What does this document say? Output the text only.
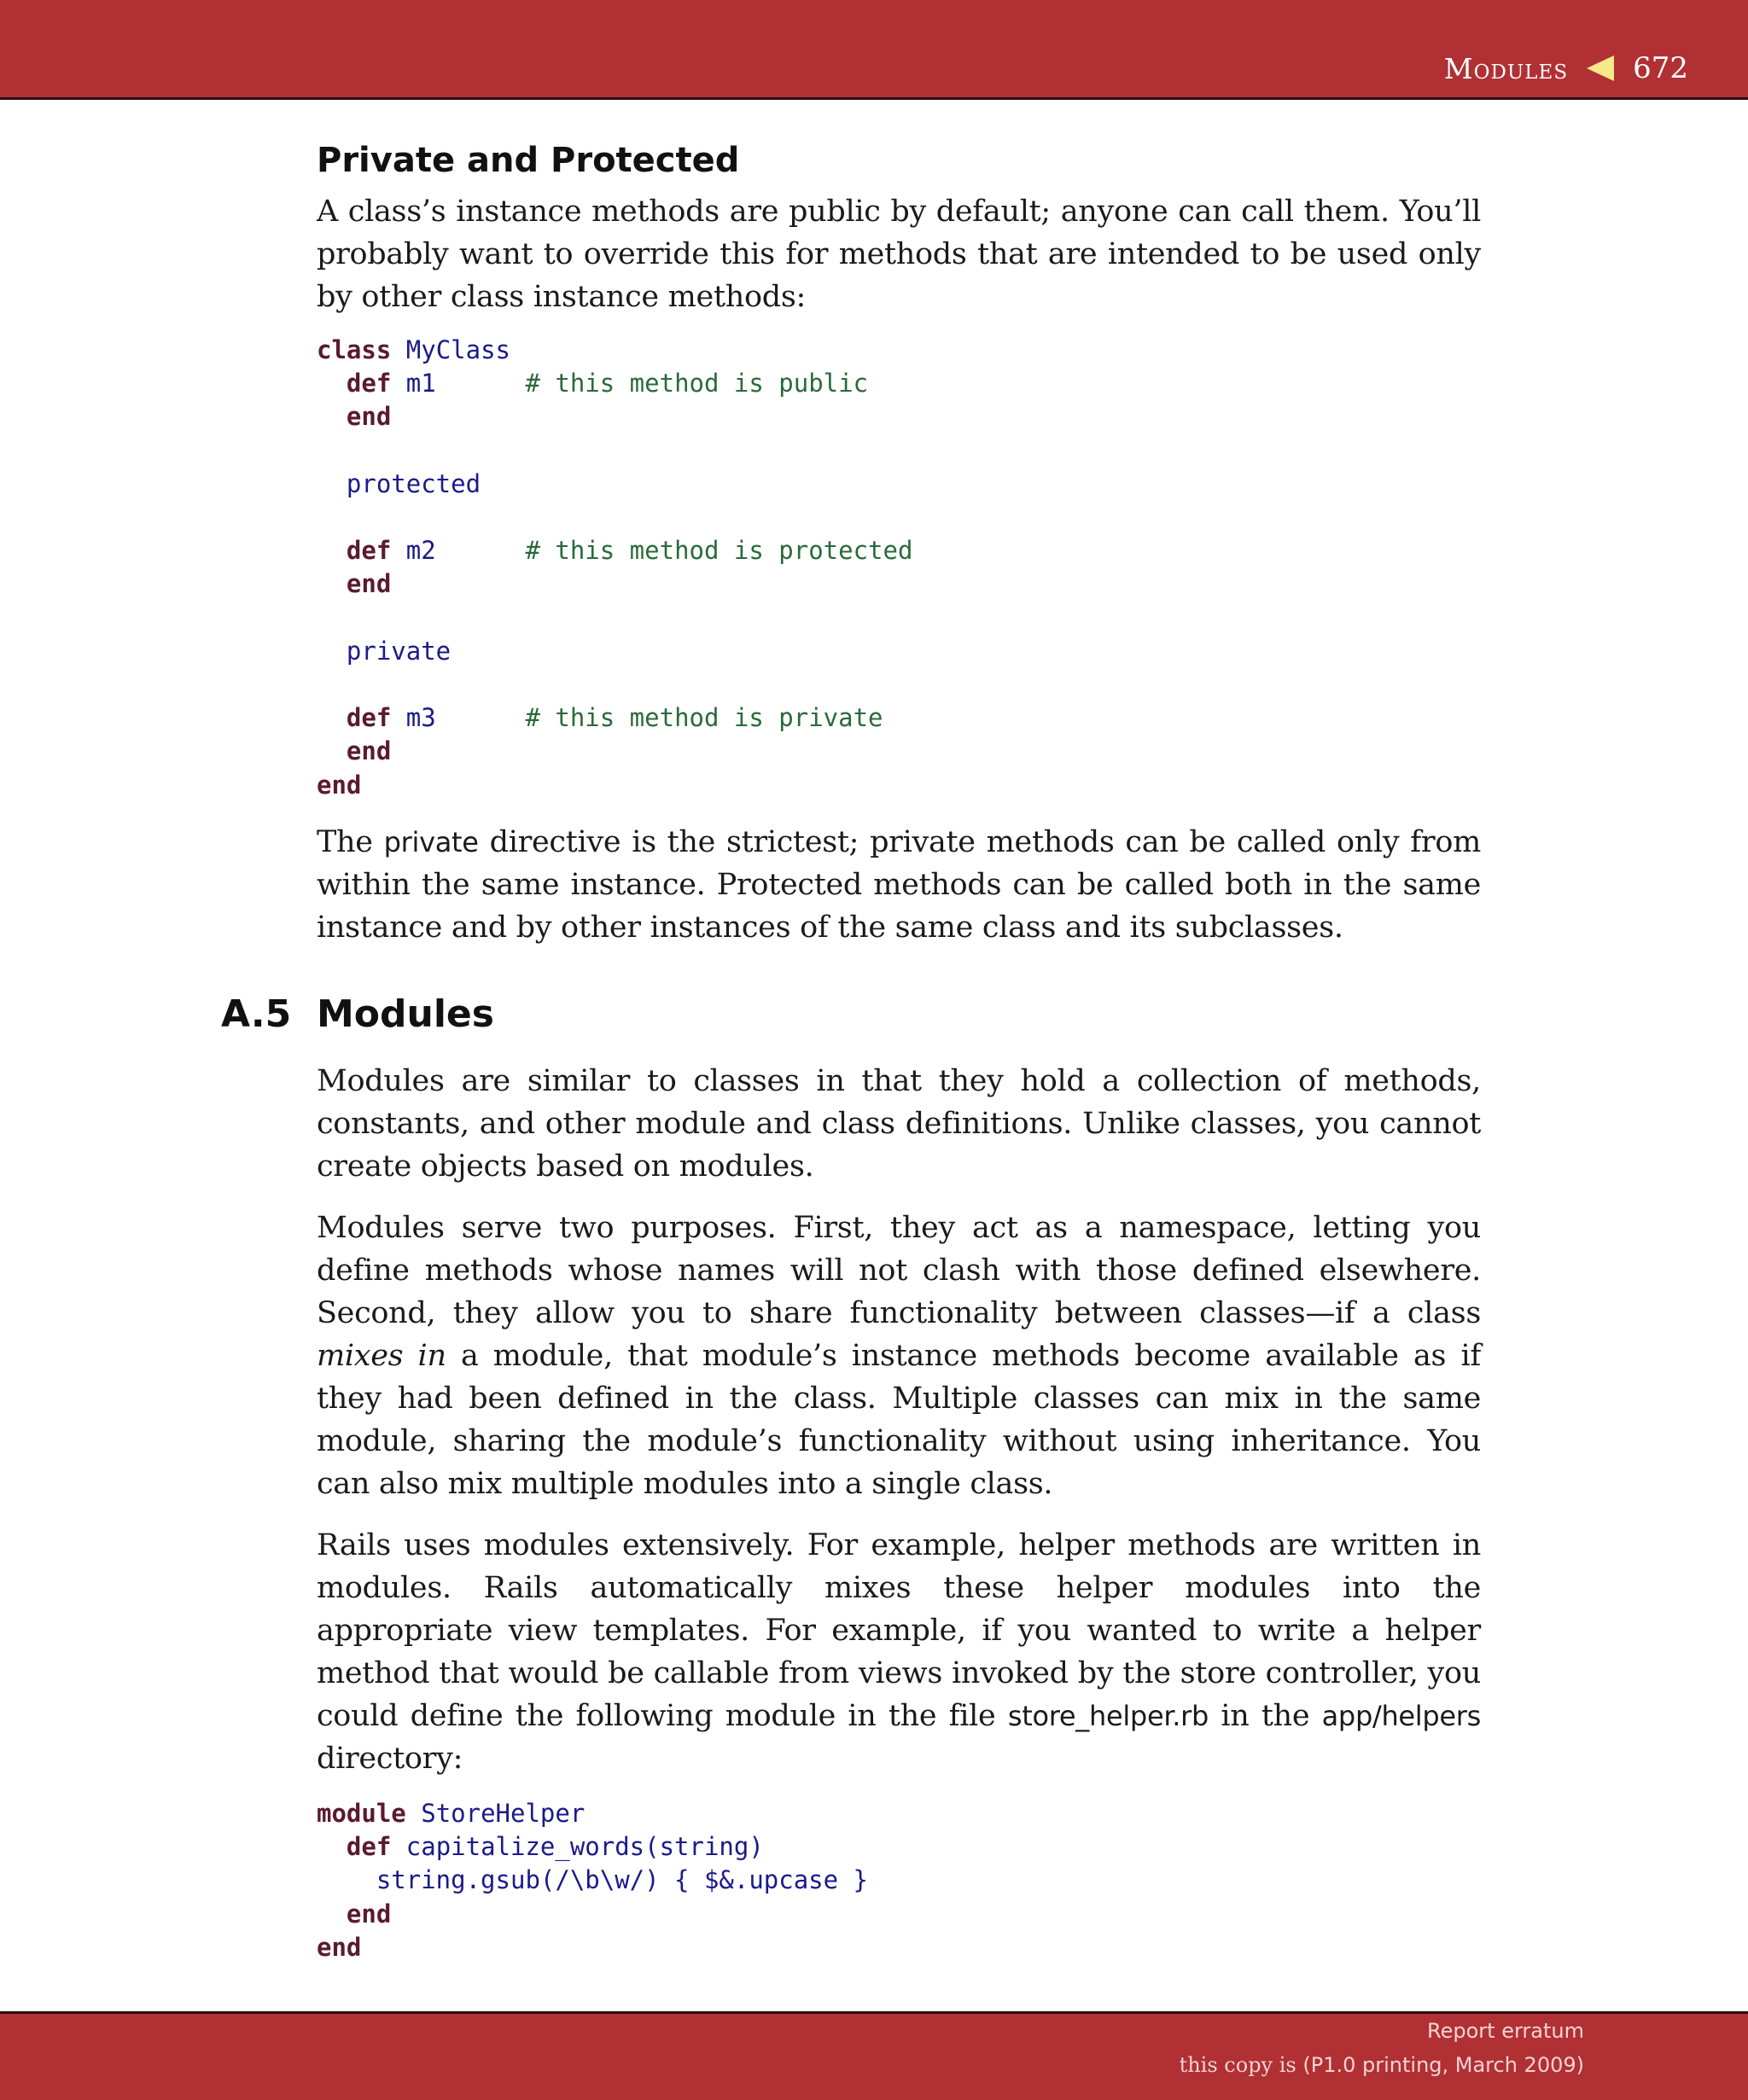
Modules 672
Private and Protected

A class’s instance methods are public by default; anyone can call them. You’ll probably want to override this for methods that are intended to be used only by other class instance methods:

class MyClass
def m1	# this method is public
end

protected

def m2	# this method is protected
end

private

def m3	# this method is private
end
end

The private directive is the strictest; private methods can be called only from within the same instance. Protected methods can be called both in the same instance and by other instances of the same class and its subclasses.

A.5 Modules

Modules are similar to classes in that they hold a collection of methods, constants, and other module and class definitions. Unlike classes, you cannot create objects based on modules.

Modules serve two purposes. First, they act as a namespace, letting you define methods whose names will not clash with those defined elsewhere. Second, they allow you to share functionality between classes—if a class mixes in a module, that module’s instance methods become available as if they had been defined in the class. Multiple classes can mix in the same module, sharing the module’s functionality without using inheritance. You can also mix multiple modules into a single class.

Rails uses modules extensively. For example, helper methods are written in modules. Rails automatically mixes these helper modules into the appropriate view templates. For example, if you wanted to write a helper method that would be callable from views invoked by the store controller, you could define the following module in the file store_helper.rb in the app/helpers directory:

module StoreHelper
def capitalize_words(string)
string.gsub(/\b\w/) { $&.upcase }
end
end
Report erratum
this copy is (P1.0 printing, March 2009)
